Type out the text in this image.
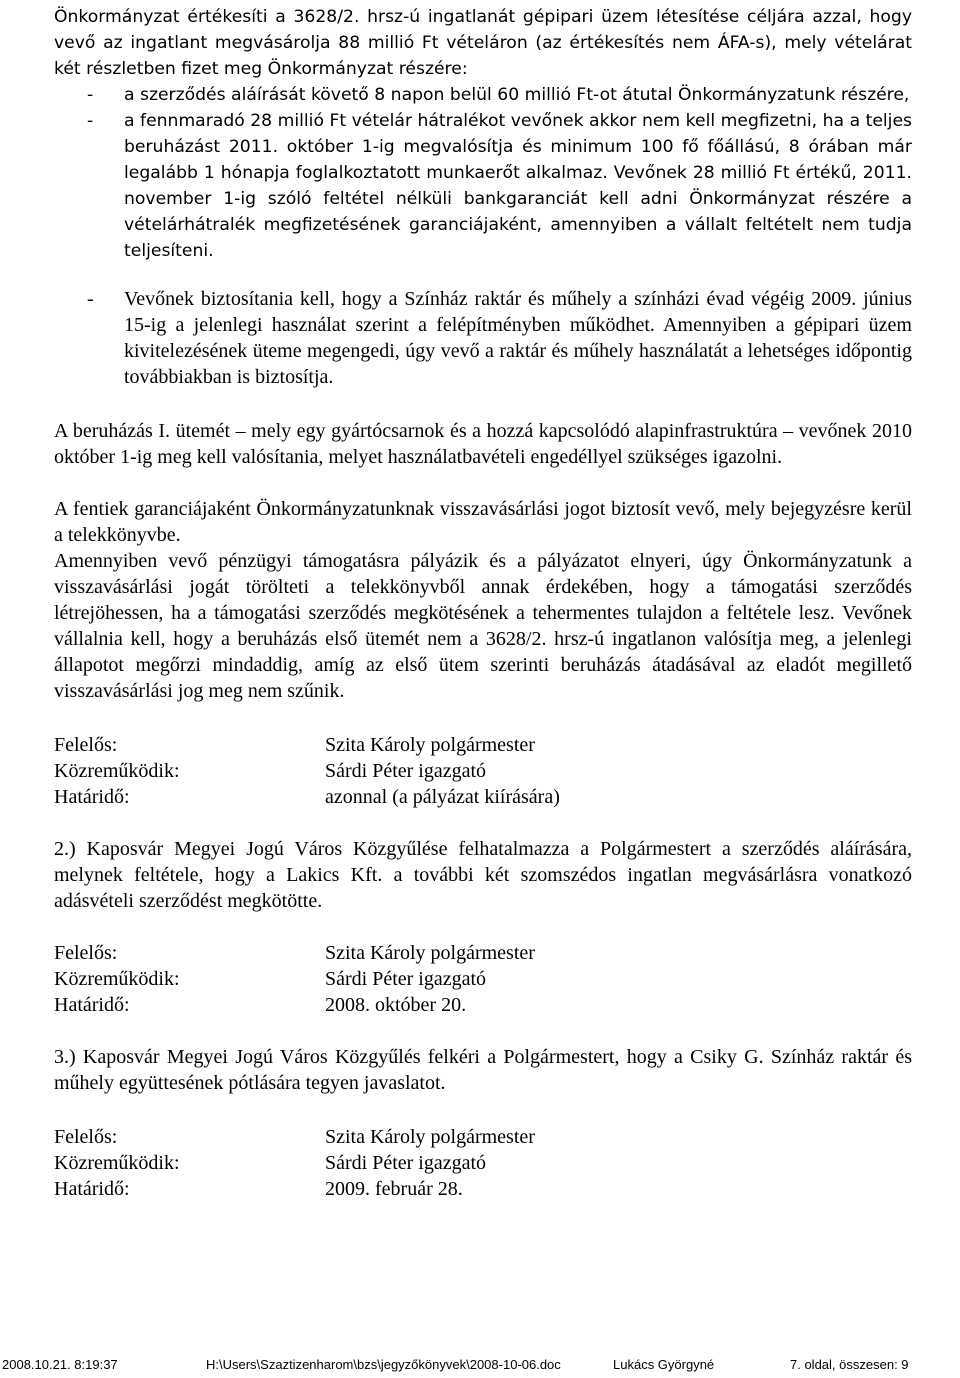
Önkormányzat értékesíti a 3628/2. hrsz-ú ingatlanát gépipari üzem létesítése céljára azzal, hogy vevő az ingatlant megvásárolja 88 millió Ft vételáron (az értékesítés nem ÁFA-s), mely vételárat két részletben fizet meg Önkormányzat részére:

- a szerződés aláírását követő 8 napon belül 60 millió Ft-ot átutal Önkormányzatunk részére,
- a fennmaradó 28 millió Ft vételár hátralékot vevőnek akkor nem kell megfizetni, ha a teljes beruházást 2011. október 1-ig megvalósítja és minimum 100 fő főállású, 8 órában már legalább 1 hónapja foglalkoztatott munkaerőt alkalmaz. Vevőnek 28 millió Ft értékű, 2011. november 1-ig szóló feltétel nélküli bankgaranciát kell adni Önkormányzat részére a vételárhátralék megfizetésének garanciájaként, amennyiben a vállalt feltételt nem tudja teljesíteni.
- Vevőnek biztosítania kell, hogy a Színház raktár és műhely a színházi évad végéig 2009. június 15-ig a jelenlegi használat szerint a felépítményben működhet. Amennyiben a gépipari üzem kivitelezésének üteme megengedi, úgy vevő a raktár és műhely használatát a lehetséges időpontig továbbiakban is biztosítja.

A beruházás I. ütemét – mely egy gyártócsarnok és a hozzá kapcsolódó alapinfrastruktúra – vevőnek 2010 október 1-ig meg kell valósítania, melyet használatbavételi engedéllyel szükséges igazolni.

A fentiek garanciájaként Önkormányzatunknak visszavásárlási jogot biztosít vevő, mely bejegyzésre kerül a telekkönyvbe.

Amennyiben vevő pénzügyi támogatásra pályázik és a pályázatot elnyeri, úgy Önkormányzatunk a visszavásárlási jogát törölteti a telekkönyvből annak érdekében, hogy a támogatási szerződés létrejöhessen, ha a támogatási szerződés megkötésének a tehermentes tulajdon a feltétele lesz. Vevőnek vállalnia kell, hogy a beruházás első ütemét nem a 3628/2. hrsz-ú ingatlanon valósítja meg, a jelenlegi állapotot megőrzi mindaddig, amíg az első ütem szerinti beruházás átadásával az eladót megillető visszavásárlási jog meg nem szűnik.

Felelős:	Szita Károly polgármester
Közreműködik:	Sárdi Péter igazgató
Határidő:	azonnal (a pályázat kiírására)

2.) Kaposvár Megyei Jogú Város Közgyűlése felhatalmazza a Polgármestert a szerződés aláírására, melynek feltétele, hogy a Lakics Kft. a további két szomszédos ingatlan megvásárlásra vonatkozó adásvételi szerződést megkötötte.

Felelős:	Szita Károly polgármester
Közreműködik:	Sárdi Péter igazgató
Határidő:	2008. október 20.

3.) Kaposvár Megyei Jogú Város Közgyűlés felkéri a Polgármestert, hogy a Csiky G. Színház raktár és műhely együttesének pótlására tegyen javaslatot.

Felelős:	Szita Károly polgármester
Közreműködik:	Sárdi Péter igazgató
Határidő:	2009. február 28.
2008.10.21. 8:19:37	H:\Users\Szaztizenharom\bzs\jegyzőkönyvek\2008-10-06.doc	Lukács Györgyné	7. oldal, összesen: 9
